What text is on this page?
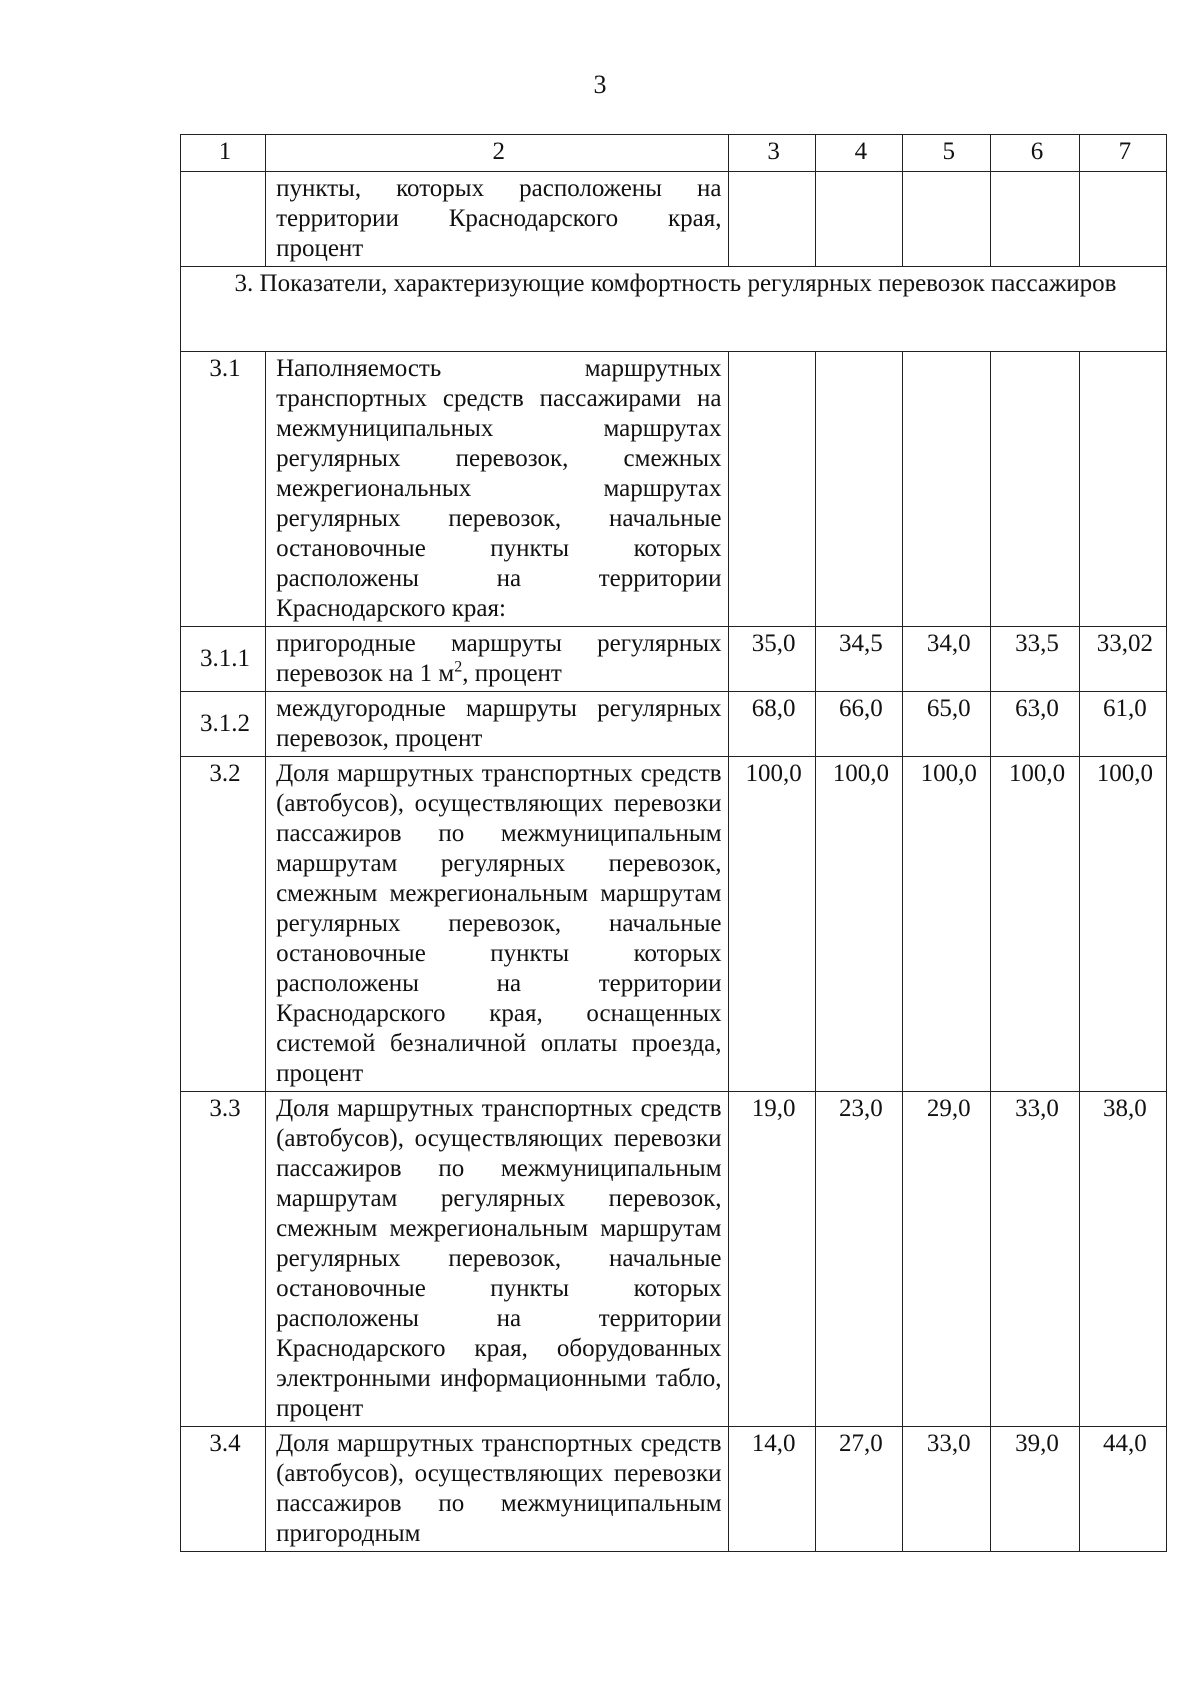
3
1	2	3	4	5	6	7
	пункты, которых расположены на территории Краснодарского края, процент					
3. Показатели, характеризующие комфортность регулярных перевозок пассажиров						
3.1	Наполняемость маршрутных транспортных средств пассажирами на межмуниципальных маршрутах регулярных перевозок, смежных межрегиональных маршрутах регулярных перевозок, начальные остановочные пункты которых расположены на территории Краснодарского края:					
3.1.1	пригородные маршруты регулярных перевозок на 1 $м^2$, процент	35,0	34,5	34,0	33,5	33,02
3.1.2	междугородные маршруты регулярных перевозок, процент	68,0	66,0	65,0	63,0	61,0
3.2	Доля маршрутных транспортных средств (автобусов), осуществляющих перевозки пассажиров по межмуниципальным маршрутам регулярных перевозок, смежным межрегиональным маршрутам регулярных перевозок, начальные остановочные пункты которых расположены на территории Краснодарского края, оснащенных системой безналичной оплаты проезда, процент	100,0	100,0	100,0	100,0	100,0
3.3	Доля маршрутных транспортных средств (автобусов), осуществляющих перевозки пассажиров по межмуниципальным маршрутам регулярных перевозок, смежным межрегиональным маршрутам регулярных перевозок, начальные остановочные пункты которых расположены на территории Краснодарского края, оборудованных электронными информационными табло, процент	19,0	23,0	29,0	33,0	38,0
3.4	Доля маршрутных транспортных средств (автобусов), осуществляющих перевозки пассажиров по межмуниципальным пригородным	14,0	27,0	33,0	39,0	44,0
